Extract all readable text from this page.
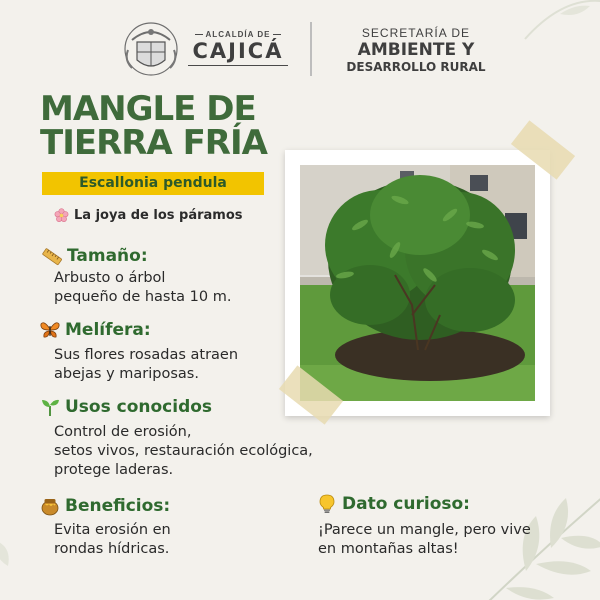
ALCALDÍA DE
CAJICÁ
SECRETARÍA DE
AMBIENTE Y
DESARROLLO RURAL
MANGLE DE
TIERRA FRÍA
Escallonia pendula
La joya de los páramos
Tamaño:
Arbusto o árbol
pequeño de hasta 10 m.
Melífera:
Sus flores rosadas atraen
abejas y mariposas.
Usos conocidos
Control de erosión,
setos vivos, restauración ecológica,
protege laderas.
Beneficios:
Evita erosión en
rondas hídricas.
Dato curioso:
¡Parece un mangle, pero vive
en montañas altas!
